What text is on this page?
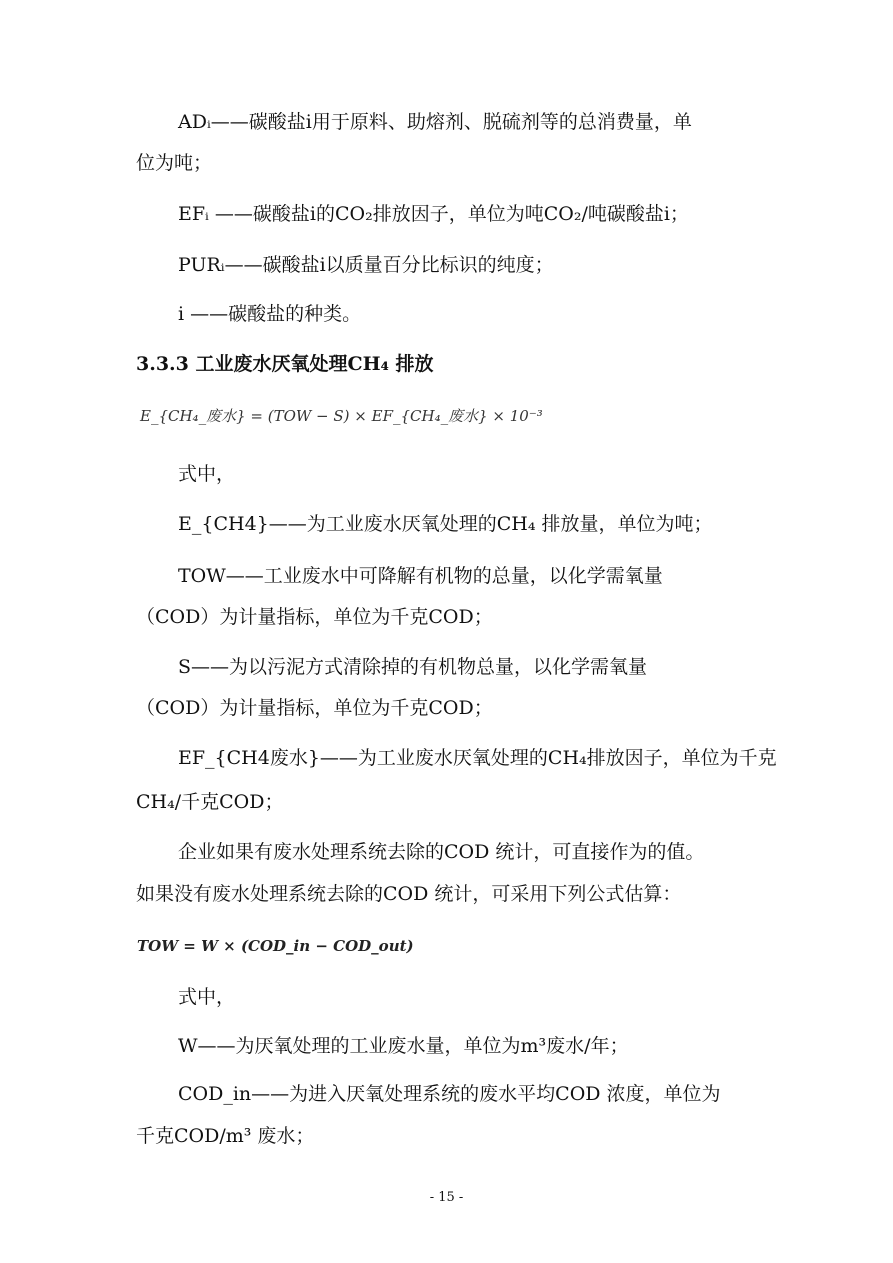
ADᵢ——碳酸盐i用于原料、助熔剂、脱硫剂等的总消费量，单
位为吨；
EFᵢ ——碳酸盐i的CO₂排放因子，单位为吨CO₂/吨碳酸盐i；
PURᵢ——碳酸盐i以质量百分比标识的纯度；
i ——碳酸盐的种类。
3.3.3 工业废水厌氧处理CH₄ 排放
E_{CH₄_废水} = (TOW − S) × EF_{CH₄_废水} × 10⁻³
式中，
E_{CH4}——为工业废水厌氧处理的CH₄ 排放量，单位为吨；
TOW——工业废水中可降解有机物的总量，以化学需氧量
（COD）为计量指标，单位为千克COD；
S——为以污泥方式清除掉的有机物总量，以化学需氧量
（COD）为计量指标，单位为千克COD；
EF_{CH4废水}——为工业废水厌氧处理的CH₄排放因子，单位为千克
CH₄/千克COD；
企业如果有废水处理系统去除的COD 统计，可直接作为的值。
如果没有废水处理系统去除的COD 统计，可采用下列公式估算：
TOW = W × (COD_in − COD_out)
式中，
W——为厌氧处理的工业废水量，单位为m³废水/年；
COD_in——为进入厌氧处理系统的废水平均COD 浓度，单位为
千克COD/m³ 废水；
- 15 -
